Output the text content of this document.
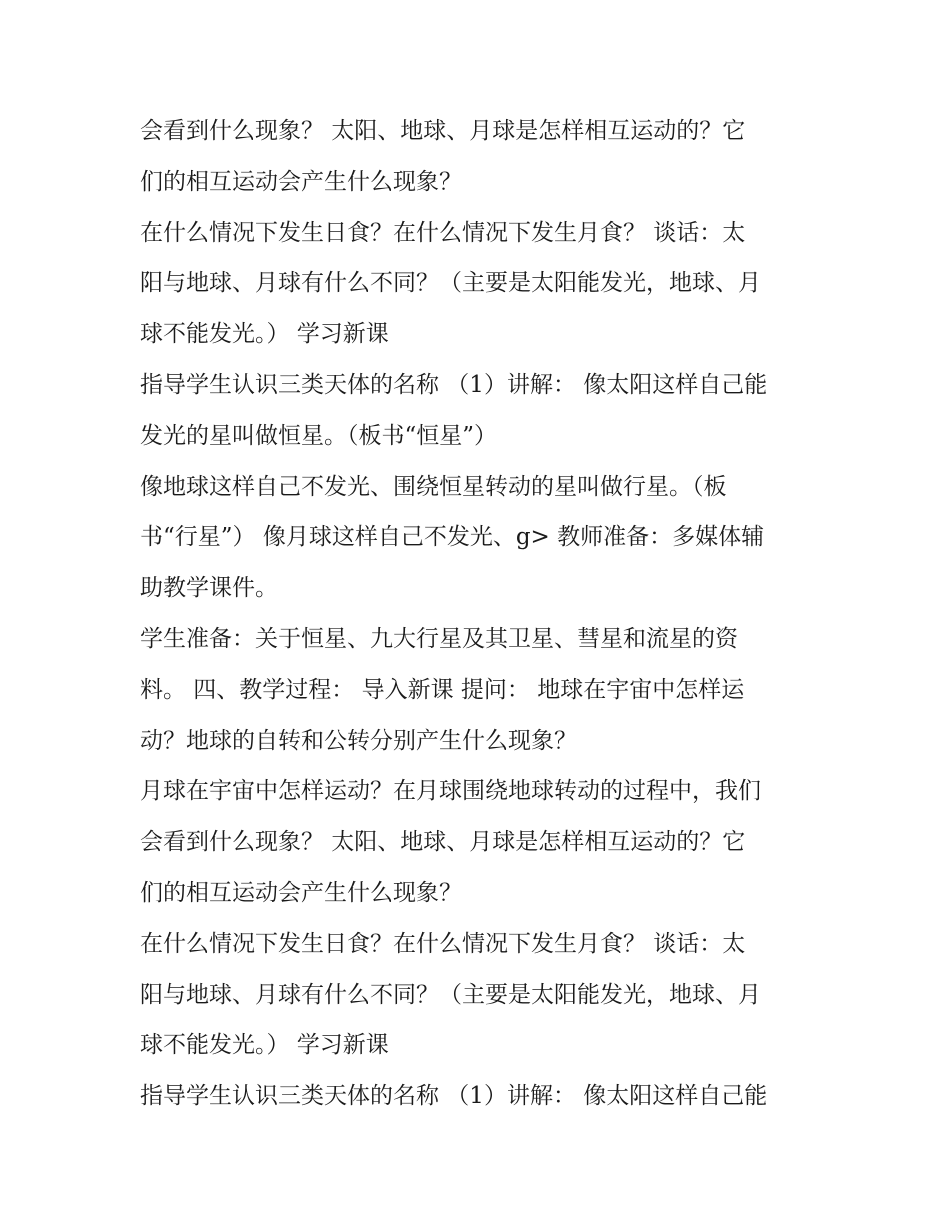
会看到什么现象？ 太阳、地球、月球是怎样相互运动的？它
们的相互运动会产生什么现象？
在什么情况下发生日食？在什么情况下发生月食？ 谈话：太
阳与地球、月球有什么不同？（主要是太阳能发光，地球、月
球不能发光。） 学习新课
指导学生认识三类天体的名称 （1）讲解： 像太阳这样自己能
发光的星叫做恒星。（板书“恒星”）
像地球这样自己不发光、围绕恒星转动的星叫做行星。（板
书“行星”） 像月球这样自己不发光、g> 教师准备：多媒体辅
助教学课件。
学生准备：关于恒星、九大行星及其卫星、彗星和流星的资
料。 四、教学过程： 导入新课 提问： 地球在宇宙中怎样运
动？地球的自转和公转分别产生什么现象？
月球在宇宙中怎样运动？在月球围绕地球转动的过程中，我们
会看到什么现象？ 太阳、地球、月球是怎样相互运动的？它
们的相互运动会产生什么现象？
在什么情况下发生日食？在什么情况下发生月食？ 谈话：太
阳与地球、月球有什么不同？（主要是太阳能发光，地球、月
球不能发光。） 学习新课
指导学生认识三类天体的名称 （1）讲解： 像太阳这样自己能
